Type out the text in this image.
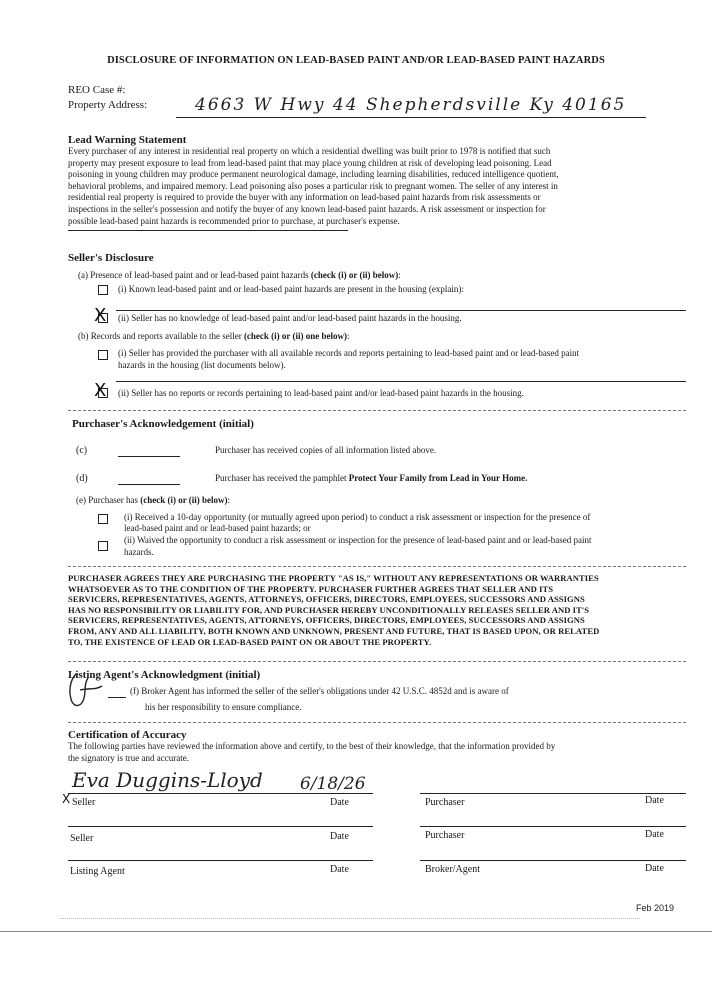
DISCLOSURE OF INFORMATION ON LEAD-BASED PAINT AND/OR LEAD-BASED PAINT HAZARDS
REO Case #:
Property Address:	4663 W Hwy 44 Shepherdsville Ky 40165
Lead Warning Statement
Every purchaser of any interest in residential real property on which a residential dwelling was built prior to 1978 is notified that such
property may present exposure to lead from lead-based paint that may place young children at risk of developing lead poisoning. Lead
poisoning in young children may produce permanent neurological damage, including learning disabilities, reduced intelligence quotient,
behavioral problems, and impaired memory. Lead poisoning also poses a particular risk to pregnant women. The seller of any interest in
residential real property is required to provide the buyer with any information on lead-based paint hazards from risk assessments or
inspections in the seller's possession and notify the buyer of any known lead-based paint hazards. A risk assessment or inspection for
possible lead-based paint hazards is recommended prior to purchase, at purchaser's expense.
Seller's Disclosure
(a) Presence of lead-based paint and or lead-based paint hazards (check (i) or (ii) below):
(i) Known lead-based paint and or lead-based paint hazards are present in the housing (explain):
X (ii) Seller has no knowledge of lead-based paint and/or lead-based paint hazards in the housing.
(b) Records and reports available to the seller (check (i) or (ii) one below):
(i) Seller has provided the purchaser with all available records and reports pertaining to lead-based paint and or lead-based paint
hazards in the housing (list documents below).
X (ii) Seller has no reports or records pertaining to lead-based paint and/or lead-based paint hazards in the housing.
Purchaser's Acknowledgement (initial)
(c)	Purchaser has received copies of all information listed above.
(d)	Purchaser has received the pamphlet Protect Your Family from Lead in Your Home.
(e) Purchaser has (check (i) or (ii) below):
(i) Received a 10-day opportunity (or mutually agreed upon period) to conduct a risk assessment or inspection for the presence of
lead-based paint and or lead-based paint hazards; or
(ii) Waived the opportunity to conduct a risk assessment or inspection for the presence of lead-based paint and or lead-based paint
hazards.
PURCHASER AGREES THEY ARE PURCHASING THE PROPERTY "AS IS," WITHOUT ANY REPRESENTATIONS OR WARRANTIES
WHATSOEVER AS TO THE CONDITION OF THE PROPERTY. PURCHASER FURTHER AGREES THAT SELLER AND ITS
SERVICERS, REPRESENTATIVES, AGENTS, ATTORNEYS, OFFICERS, DIRECTORS, EMPLOYEES, SUCCESSORS AND ASSIGNS
HAS NO RESPONSIBILITY OR LIABILITY FOR, AND PURCHASER HEREBY UNCONDITIONALLY RELEASES SELLER AND IT'S
SERVICERS, REPRESENTATIVES, AGENTS, ATTORNEYS, OFFICERS, DIRECTORS, EMPLOYEES, SUCCESSORS AND ASSIGNS
FROM, ANY AND ALL LIABILITY, BOTH KNOWN AND UNKNOWN, PRESENT AND FUTURE, THAT IS BASED UPON, OR RELATED
TO, THE EXISTENCE OF LEAD OR LEAD-BASED PAINT ON OR ABOUT THE PROPERTY.
Listing Agent's Acknowledgment (initial)
(f) Broker Agent has informed the seller of the seller's obligations under 42 U.S.C. 4852d and is aware of
his her responsibility to ensure compliance.
Certification of Accuracy
The following parties have reviewed the information above and certify, to the best of their knowledge, that the information provided by
the signatory is true and accurate.
Eva Duggins-Lloyd 6/18/26
X Seller	Date	Purchaser	Date
Seller	Date	Purchaser	Date
Listing Agent	Date	Broker/Agent	Date
Feb 2019
